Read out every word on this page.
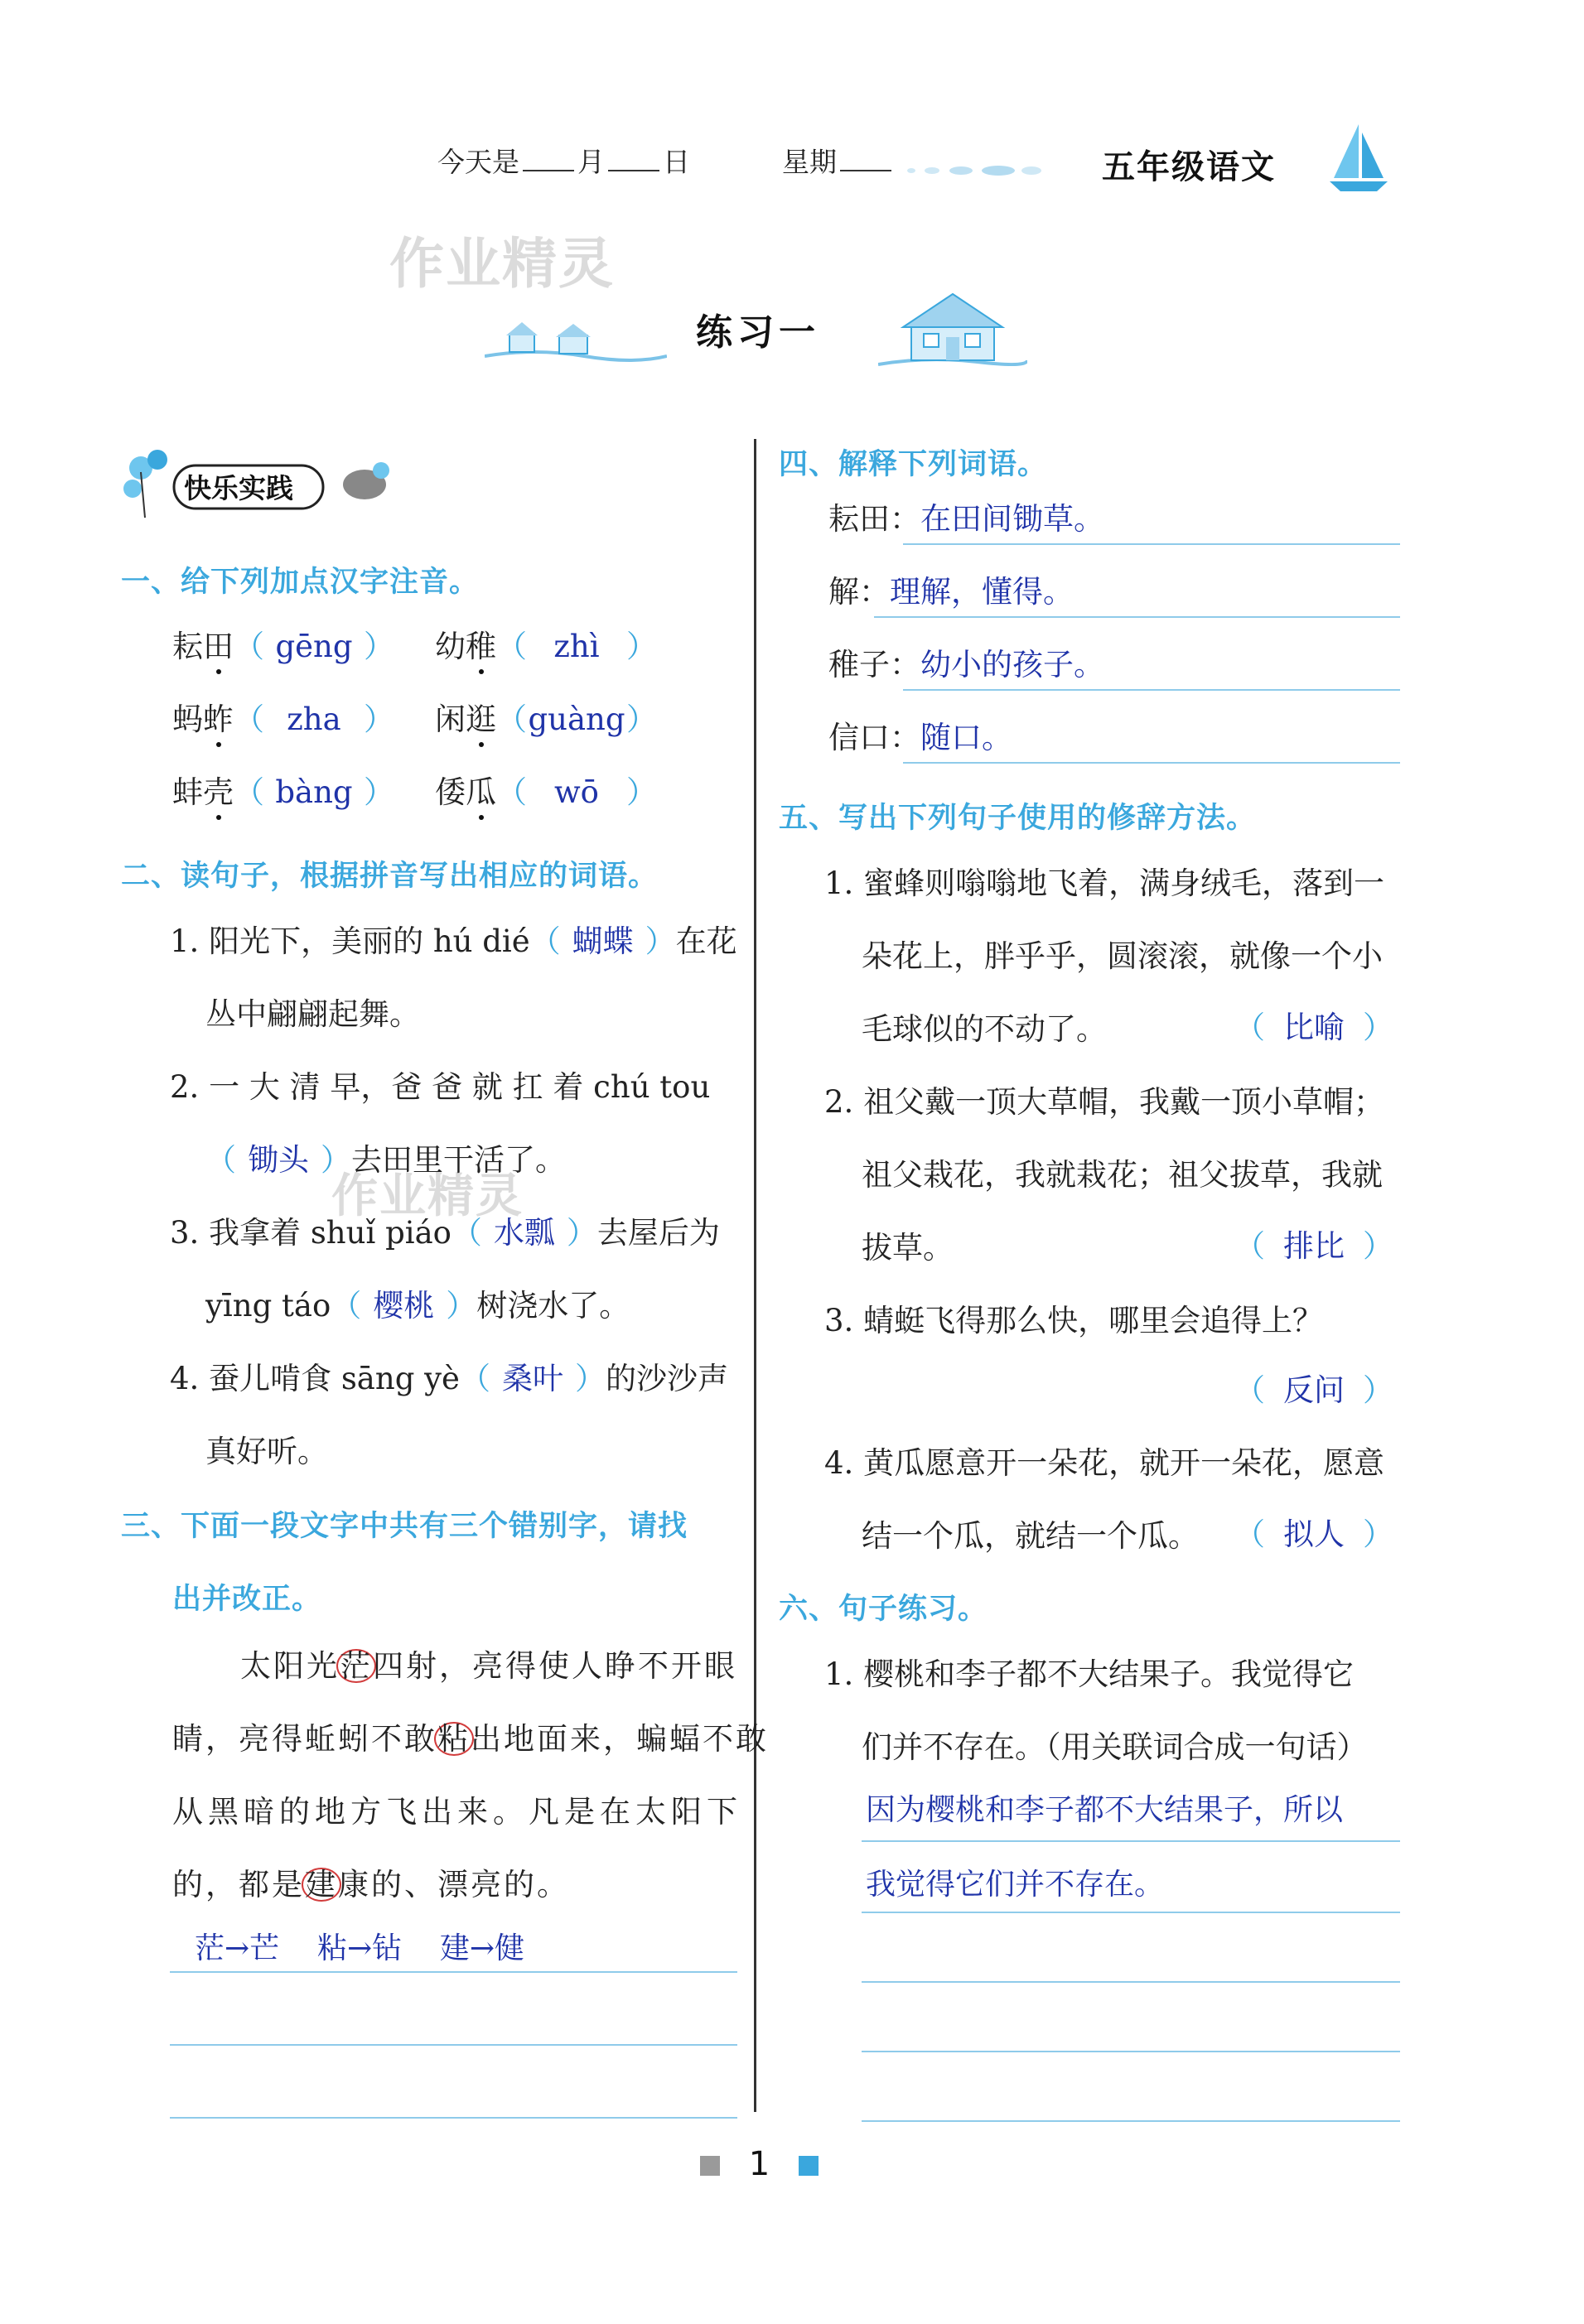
今天是 月 日	星期	五年级语文
作业精灵
作业精灵
练习一
快乐实践
一、给下列加点汉字注音。
耘田（ gēng ） 幼稚（ zhì ）
蚂蚱（ zha ） 闲逛（guàng）
蚌壳（ bàng ） 倭瓜（ wō ）
二、读句子，根据拼音写出相应的词语。
1. 阳光下，美丽的 hú dié（ 蝴蝶 ）在花
丛中翩翩起舞。
2. 一 大 清 早，爸 爸 就 扛 着 chú tou
（ 锄头 ）去田里干活了。
3. 我拿着 shuǐ piáo（ 水瓢 ）去屋后为
yīng táo（ 樱桃 ）树浇水了。
4. 蚕儿啃食 sāng yè（ 桑叶 ）的沙沙声
真好听。
三、下面一段文字中共有三个错别字，请找
出并改正。
太阳光茫四射，亮得使人睁不开眼
睛，亮得蚯蚓不敢粘出地面来，蝙蝠不敢
从黑暗的地方飞出来。凡是在太阳下
的，都是建康的、漂亮的。
茫→芒    粘→钻    建→健
四、解释下列词语。
耘田：在田间锄草。
解：理解，懂得。
稚子：幼小的孩子。
信口：随口。
五、写出下列句子使用的修辞方法。
1. 蜜蜂则嗡嗡地飞着，满身绒毛，落到一
朵花上，胖乎乎，圆滚滚，就像一个小
毛球似的不动了。	（ 比喻 ）
2. 祖父戴一顶大草帽，我戴一顶小草帽；
祖父栽花，我就栽花；祖父拔草，我就
拔草。	（ 排比 ）
3. 蜻蜓飞得那么快，哪里会追得上？
（ 反问 ）
4. 黄瓜愿意开一朵花，就开一朵花，愿意
结一个瓜，就结一个瓜。 （ 拟人 ）
六、句子练习。
1. 樱桃和李子都不大结果子。我觉得它
们并不存在。（用关联词合成一句话）
因为樱桃和李子都不大结果子，所以
我觉得它们并不存在。
1
